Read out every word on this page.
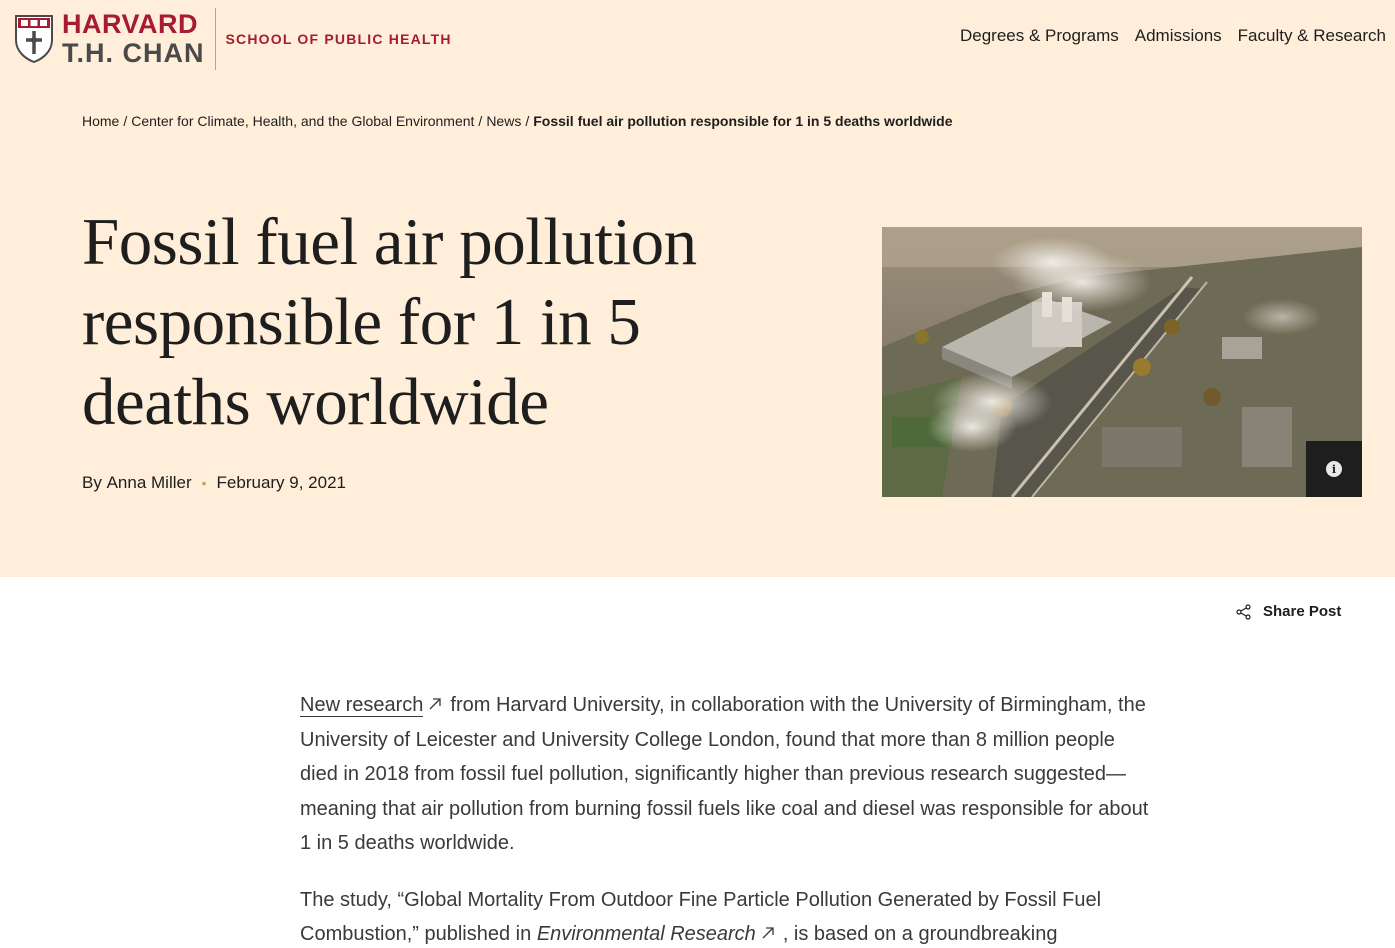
HARVARD
T.H. CHAN SCHOOL OF PUBLIC HEALTH	Degrees & Programs Admissions Faculty & Research
Home / Center for Climate, Health, and the Global Environment / News / Fossil fuel air pollution responsible for 1 in 5 deaths worldwide
Fossil fuel air pollution responsible for 1 in 5 deaths worldwide
By
Anna Miller • February 9, 2021
i
Share Post

New research from Harvard University, in collaboration with the University of Birmingham, the University of Leicester and University College London, found that more than 8 million people died in 2018 from fossil fuel pollution, significantly higher than previous research suggested—meaning that air pollution from burning fossil fuels like coal and diesel was responsible for about 1 in 5 deaths worldwide.

The study, “Global Mortality From Outdoor Fine Particle Pollution Generated by Fossil Fuel Combustion,” published in Environmental Research , is based on a groundbreaking
